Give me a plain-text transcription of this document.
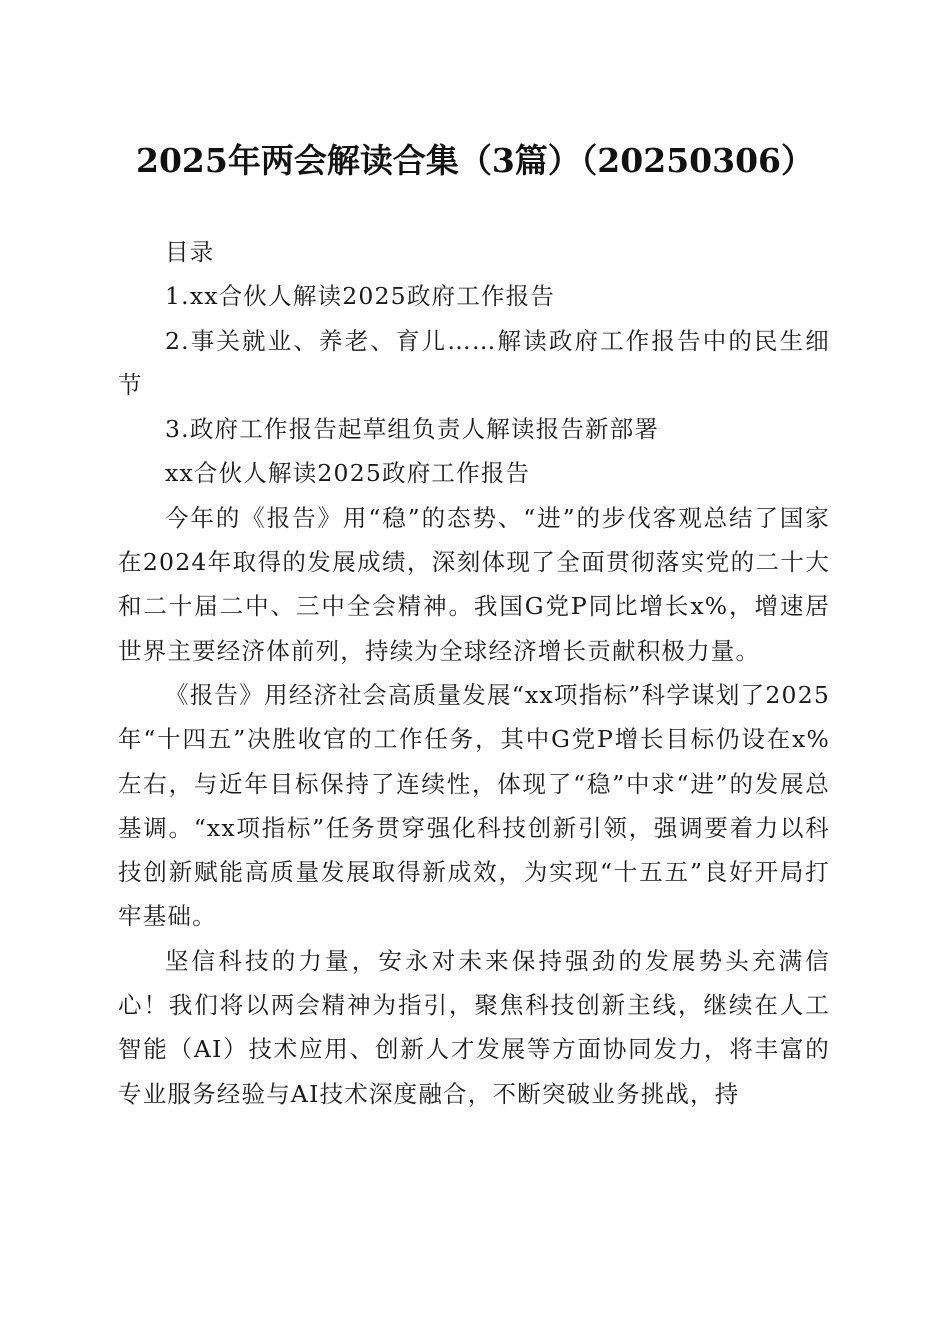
2025年两会解读合集（3篇）（20250306）

目录

1.xx合伙人解读2025政府工作报告

2.事关就业、养老、育儿……解读政府工作报告中的民生细节

3.政府工作报告起草组负责人解读报告新部署

xx合伙人解读2025政府工作报告

今年的《报告》用“稳”的态势、“进”的步伐客观总结了国家在2024年取得的发展成绩，深刻体现了全面贯彻落实党的二十大和二十届二中、三中全会精神。我国G党P同比增长x%，增速居世界主要经济体前列，持续为全球经济增长贡献积极力量。

《报告》用经济社会高质量发展“xx项指标”科学谋划了2025年“十四五”决胜收官的工作任务，其中G党P增长目标仍设在x%左右，与近年目标保持了连续性，体现了“稳”中求“进”的发展总基调。“xx项指标”任务贯穿强化科技创新引领，强调要着力以科技创新赋能高质量发展取得新成效，为实现“十五五”良好开局打牢基础。

坚信科技的力量，安永对未来保持强劲的发展势头充满信心！我们将以两会精神为指引，聚焦科技创新主线，继续在人工智能（AI）技术应用、创新人才发展等方面协同发力，将丰富的专业服务经验与AI技术深度融合，不断突破业务挑战，持
